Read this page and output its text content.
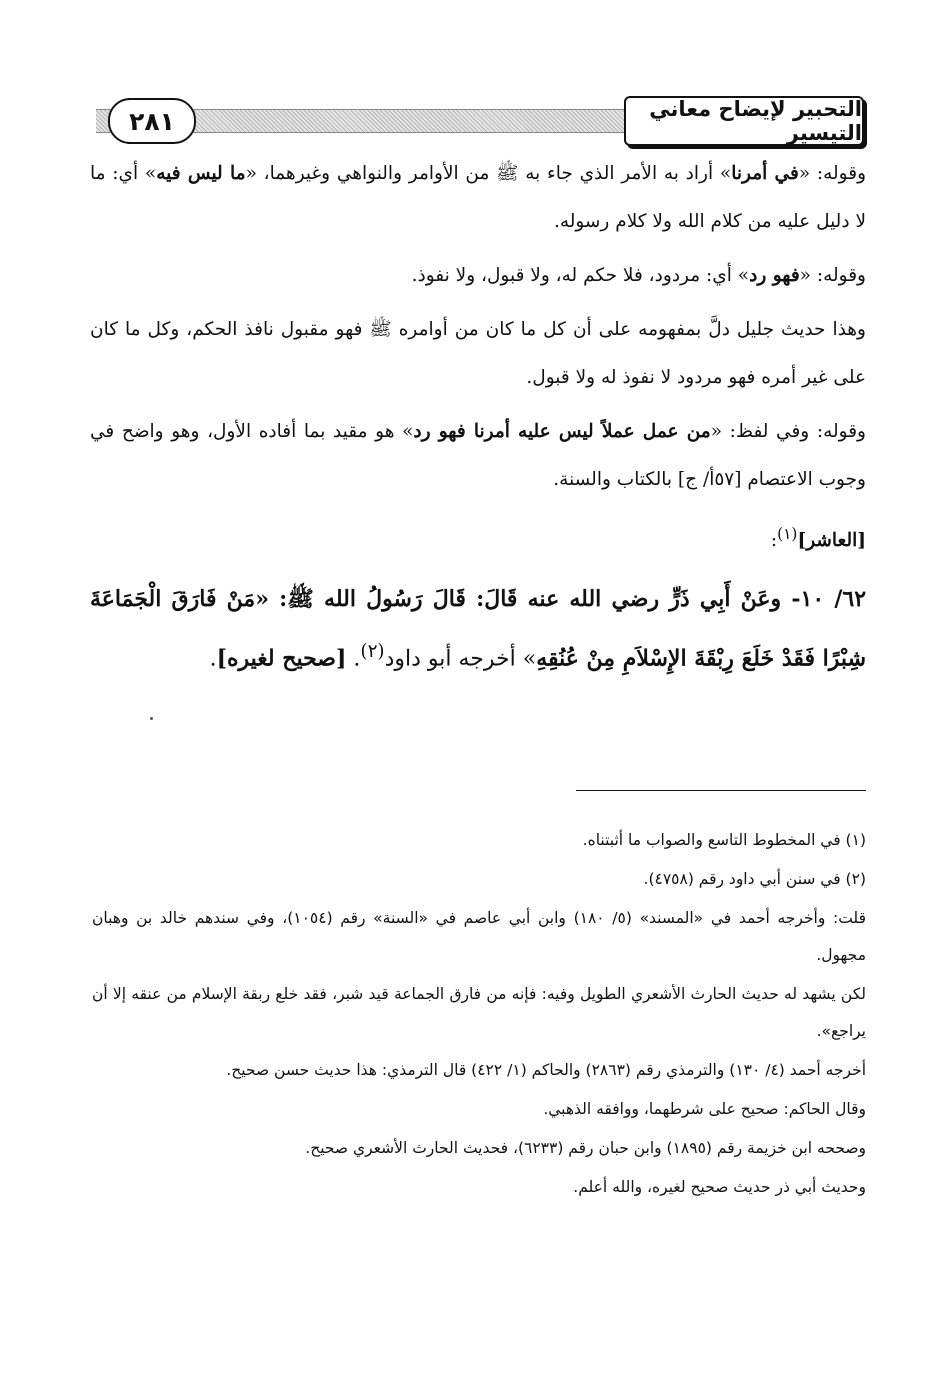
٢٨١	التحبير لإيضاح معاني التيسير

وقوله: «في أمرنا» أراد به الأمر الذي جاء به ﷺ من الأوامر والنواهي وغيرهما، «ما ليس فيه» أي: ما لا دليل عليه من كلام الله ولا كلام رسوله.

وقوله: «فهو رد» أي: مردود، فلا حكم له، ولا قبول، ولا نفوذ.

وهذا حديث جليل دلَّ بمفهومه على أن كل ما كان من أوامره ﷺ فهو مقبول نافذ الحكم، وكل ما كان على غير أمره فهو مردود لا نفوذ له ولا قبول.

وقوله: وفي لفظ: «من عمل عملاً ليس عليه أمرنا فهو رد» هو مقيد بما أفاده الأول، وهو واضح في وجوب الاعتصام [٥٧أ/ ج] بالكتاب والسنة.

[العاشر]$^{(١)}$:

٦٢/ ١٠- وعَنْ أَبِي ذَرٍّ رضي الله عنه قَالَ: قَالَ رَسُولُ الله ﷺ: «مَنْ فَارَقَ الْجَمَاعَةَ شِبْرًا فَقَدْ خَلَعَ رِبْقَةَ الإِسْلاَمِ مِنْ عُنُقِهِ» أخرجه أبو داود$^{(٢)}$. [صحيح لغيره].

(١) في المخطوط التاسع والصواب ما أثبتناه.

(٢) في سنن أبي داود رقم (٤٧٥٨).

قلت: وأخرجه أحمد في «المسند» (٥/ ١٨٠) وابن أبي عاصم في «السنة» رقم (١٠٥٤)، وفي سندهم خالد بن وهبان مجهول.

لكن يشهد له حديث الحارث الأشعري الطويل وفيه: فإنه من فارق الجماعة قيد شبر، فقد خلع ربقة الإسلام من عنقه إلا أن يراجع».

أخرجه أحمد (٤/ ١٣٠) والترمذي رقم (٢٨٦٣) والحاكم (١/ ٤٢٢) قال الترمذي: هذا حديث حسن صحيح.

وقال الحاكم: صحيح على شرطهما، ووافقه الذهبي.

وصححه ابن خزيمة رقم (١٨٩٥) وابن حبان رقم (٦٢٣٣)، فحديث الحارث الأشعري صحيح.

وحديث أبي ذر حديث صحيح لغيره، والله أعلم.
